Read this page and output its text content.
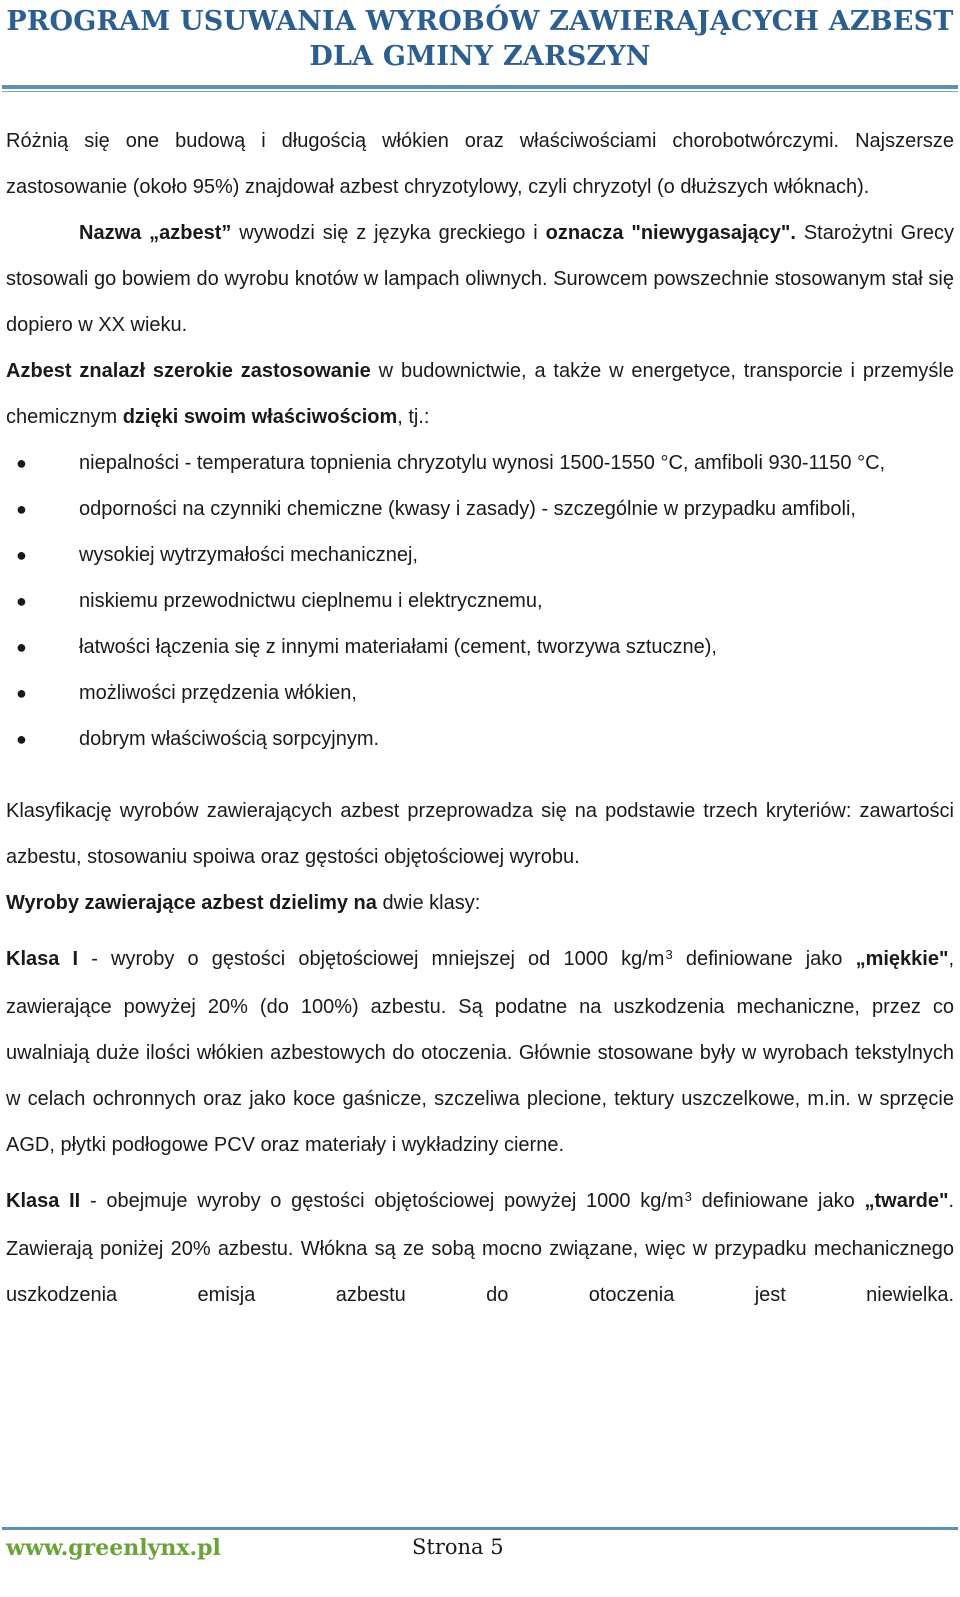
PROGRAM USUWANIA WYROBÓW ZAWIERAJĄCYCH AZBEST
DLA GMINY ZARSZYN

Różnią się one budową i długością włókien oraz właściwościami chorobotwórczymi. Najszersze zastosowanie (około 95%) znajdował azbest chryzotylowy, czyli chryzotyl (o dłuższych włóknach).

Nazwa „azbest” wywodzi się z języka greckiego i oznacza "niewygasający". Starożytni Grecy stosowali go bowiem do wyrobu knotów w lampach oliwnych. Surowcem powszechnie stosowanym stał się dopiero w XX wieku.

Azbest znalazł szerokie zastosowanie w budownictwie, a także w energetyce, transporcie i przemyśle chemicznym dzięki swoim właściwościom, tj.:

●	niepalności - temperatura topnienia chryzotylu wynosi 1500-1550 °C, amfiboli 930-1150 °C,
●	odporności na czynniki chemiczne (kwasy i zasady) - szczególnie w przypadku amfiboli,
●	wysokiej wytrzymałości mechanicznej,
●	niskiemu przewodnictwu cieplnemu i elektrycznemu,
●	łatwości łączenia się z innymi materiałami (cement, tworzywa sztuczne),
●	możliwości przędzenia włókien,
●	dobrym właściwością sorpcyjnym.

Klasyfikację wyrobów zawierających azbest przeprowadza się na podstawie trzech kryteriów: zawartości azbestu, stosowaniu spoiwa oraz gęstości objętościowej wyrobu.

Wyroby zawierające azbest dzielimy na dwie klasy:

Klasa I - wyroby o gęstości objętościowej mniejszej od 1000 $kg/m^3$ definiowane jako „miękkie", zawierające powyżej 20% (do 100%) azbestu. Są podatne na uszkodzenia mechaniczne, przez co uwalniają duże ilości włókien azbestowych do otoczenia. Głównie stosowane były w wyrobach tekstylnych w celach ochronnych oraz jako koce gaśnicze, szczeliwa plecione, tektury uszczelkowe, m.in. w sprzęcie AGD, płytki podłogowe PCV oraz materiały i wykładziny cierne.

Klasa II - obejmuje wyroby o gęstości objętościowej powyżej 1000 $kg/m^3$ definiowane jako „twarde". Zawierają poniżej 20% azbestu. Włókna są ze sobą mocno związane, więc w przypadku mechanicznego uszkodzenia emisja azbestu do otoczenia jest niewielka.

www.greenlynx.pl	Strona 5
